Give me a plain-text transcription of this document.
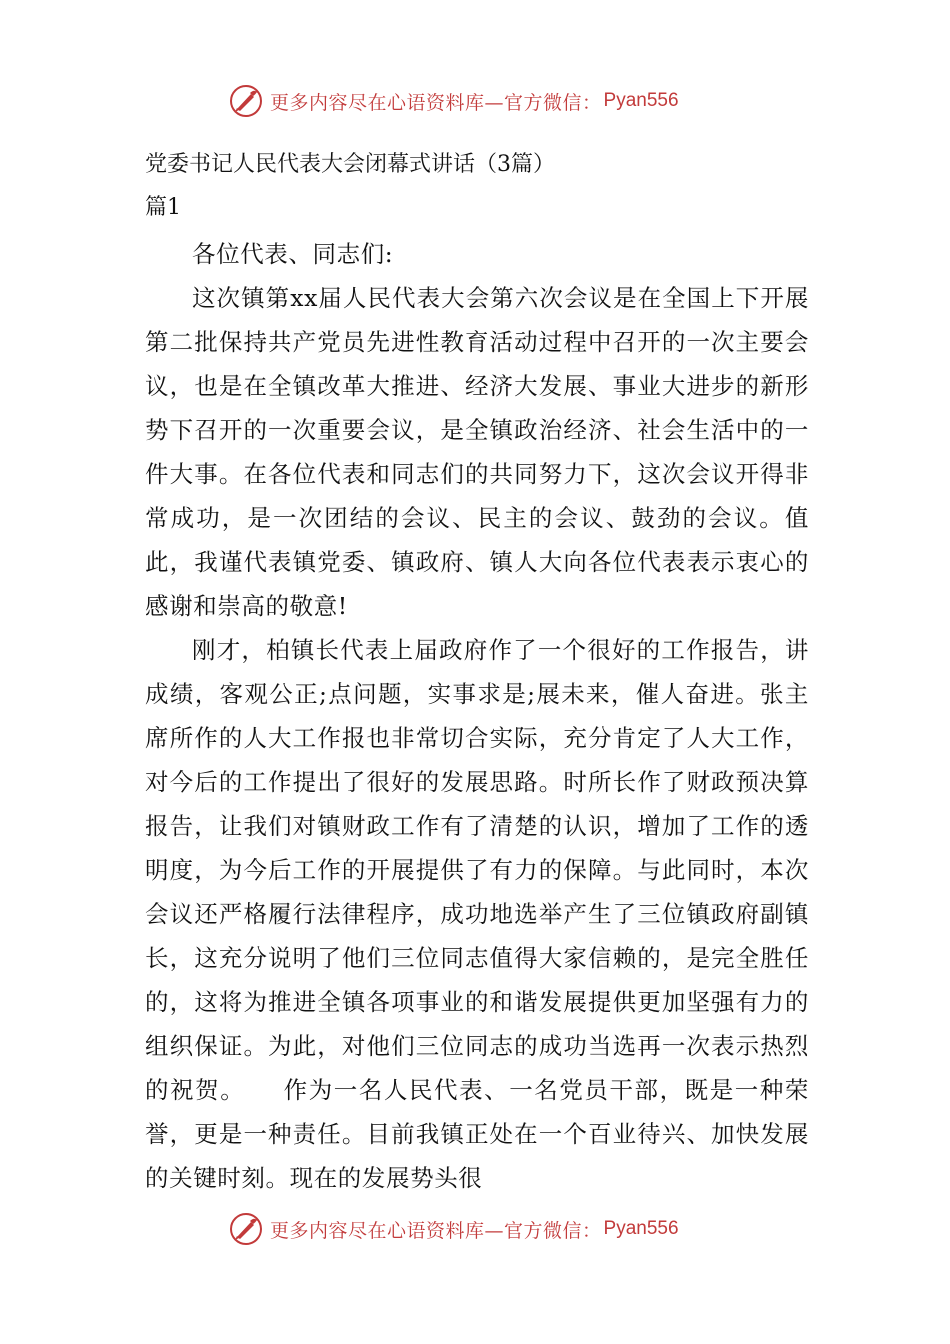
更多内容尽在心语资料库—官方微信： Pyan556
党委书记人民代表大会闭幕式讲话（3篇）
篇1

各位代表、同志们:

这次镇第xx届人民代表大会第六次会议是在全国上下开展第二批保持共产党员先进性教育活动过程中召开的一次主要会议，也是在全镇改革大推进、经济大发展、事业大进步的新形势下召开的一次重要会议，是全镇政治经济、社会生活中的一件大事。在各位代表和同志们的共同努力下，这次会议开得非常成功，是一次团结的会议、民主的会议、鼓劲的会议。值此，我谨代表镇党委、镇政府、镇人大向各位代表表示衷心的感谢和崇高的敬意!

刚才，柏镇长代表上届政府作了一个很好的工作报告，讲成绩，客观公正;点问题，实事求是;展未来，催人奋进。张主席所作的人大工作报也非常切合实际，充分肯定了人大工作，对今后的工作提出了很好的发展思路。时所长作了财政预决算报告，让我们对镇财政工作有了清楚的认识，增加了工作的透明度，为今后工作的开展提供了有力的保障。与此同时，本次会议还严格履行法律程序，成功地选举产生了三位镇政府副镇长，这充分说明了他们三位同志值得大家信赖的，是完全胜任的，这将为推进全镇各项事业的和谐发展提供更加坚强有力的组织保证。为此，对他们三位同志的成功当选再一次表示热烈的祝贺。　　作为一名人民代表、一名党员干部，既是一种荣誉，更是一种责任。目前我镇正处在一个百业待兴、加快发展的关键时刻。现在的发展势头很

更多内容尽在心语资料库—官方微信： Pyan556
